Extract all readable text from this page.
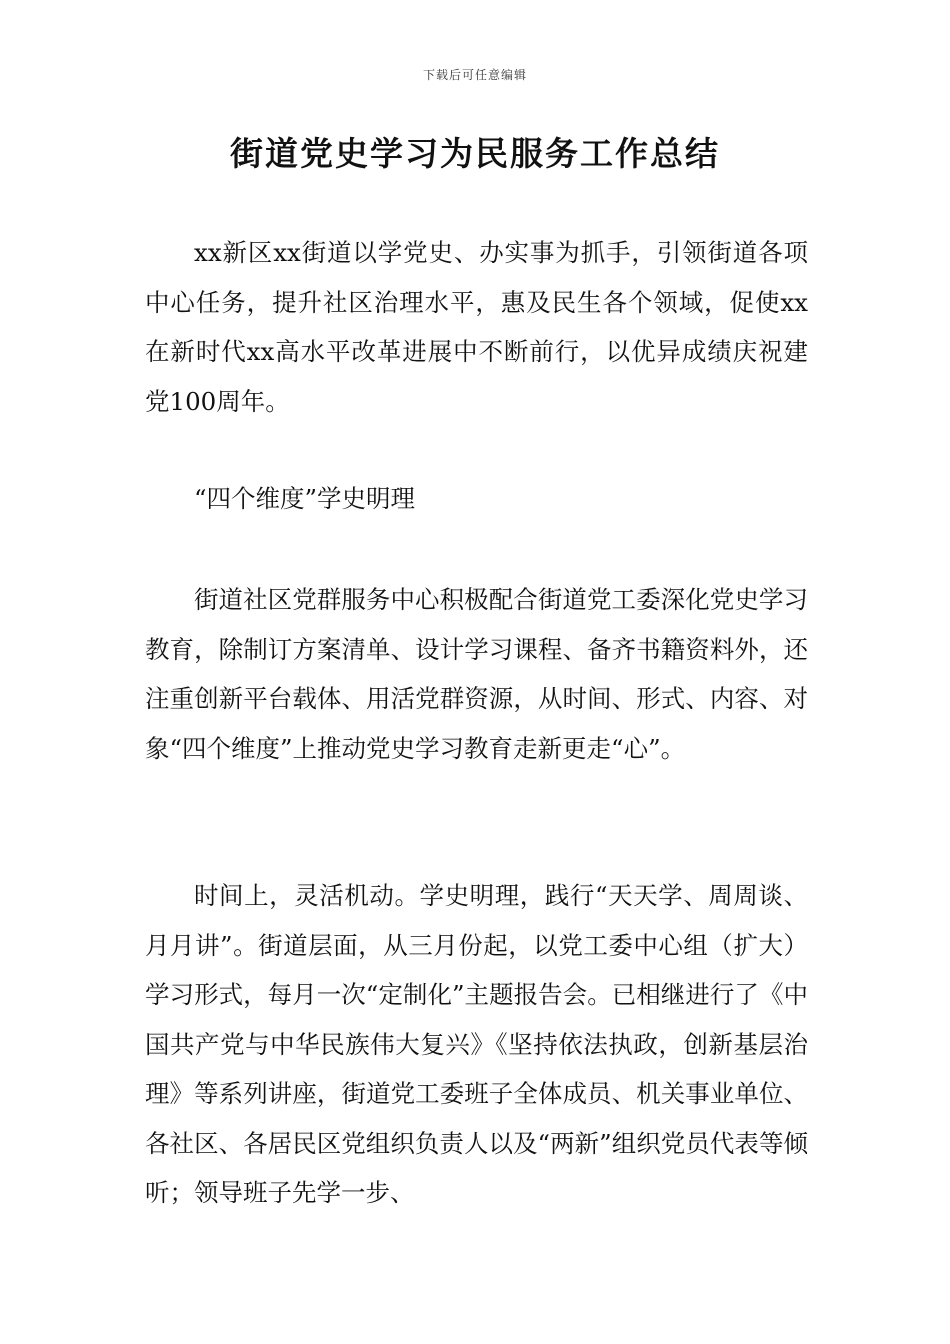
下载后可任意编辑
街道党史学习为民服务工作总结

xx新区xx街道以学党史、办实事为抓手，引领街道各项中心任务，提升社区治理水平，惠及民生各个领域，促使xx在新时代xx高水平改革进展中不断前行，以优异成绩庆祝建党100周年。

“四个维度”学史明理

街道社区党群服务中心积极配合街道党工委深化党史学习教育，除制订方案清单、设计学习课程、备齐书籍资料外，还注重创新平台载体、用活党群资源，从时间、形式、内容、对象“四个维度”上推动党史学习教育走新更走“心”。

时间上，灵活机动。学史明理，践行“天天学、周周谈、月月讲”。街道层面，从三月份起，以党工委中心组（扩大）学习形式，每月一次“定制化”主题报告会。已相继进行了《中国共产党与中华民族伟大复兴》《坚持依法执政，创新基层治理》等系列讲座，街道党工委班子全体成员、机关事业单位、各社区、各居民区党组织负责人以及“两新”组织党员代表等倾听；领导班子先学一步、
